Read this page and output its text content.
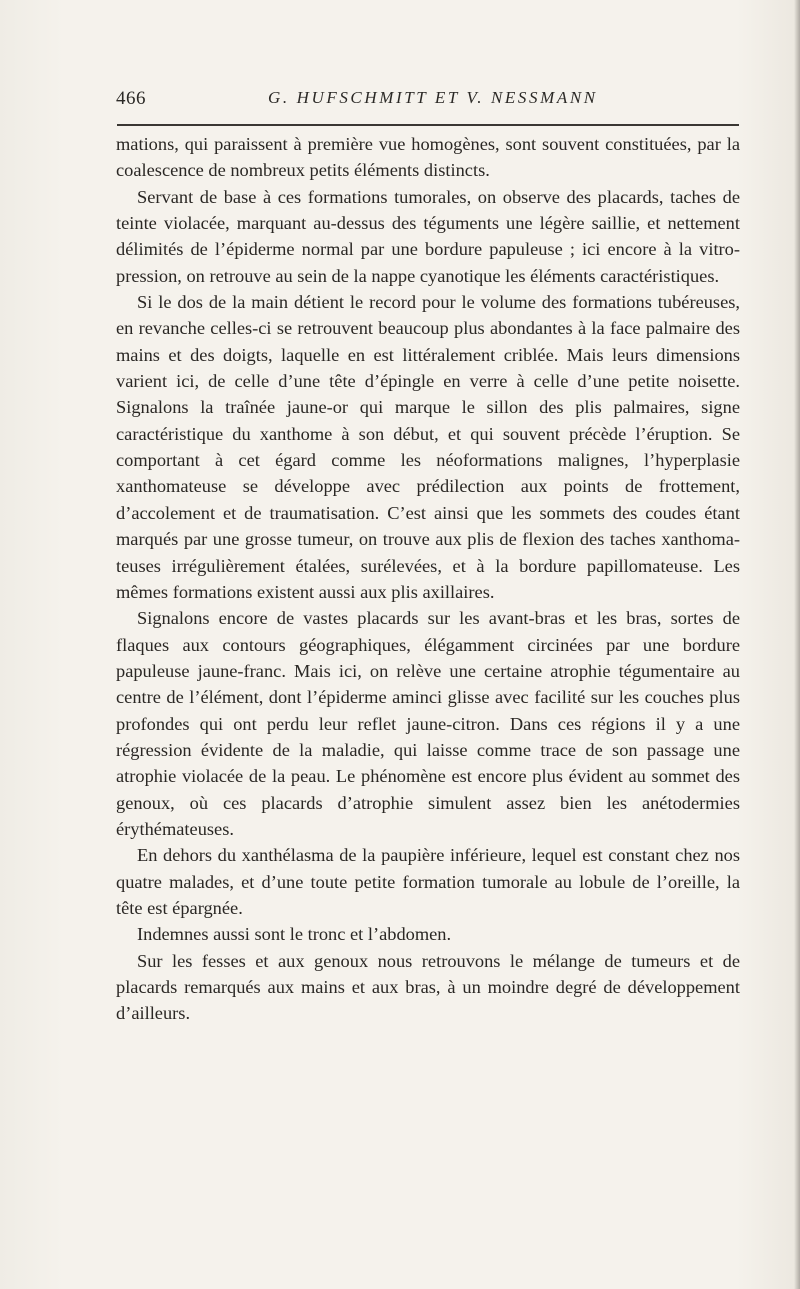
466	G. HUFSCHMITT ET V. NESSMANN

mations, qui paraissent à première vue homogènes, sont souvent constituées, par la coalescence de nombreux petits éléments distincts.

Servant de base à ces formations tumorales, on observe des placards, taches de teinte violacée, marquant au-dessus des téguments une légère saillie, et nettement délimités de l’épiderme normal par une bordure papuleuse ; ici encore à la vitro-pression, on retrouve au sein de la nappe cyanotique les éléments caractéristiques.

Si le dos de la main détient le record pour le volume des formations tubéreuses, en revanche celles-ci se retrouvent beaucoup plus abondantes à la face palmaire des mains et des doigts, laquelle en est littéralement criblée. Mais leurs dimensions varient ici, de celle d’une tête d’épingle en verre à celle d’une petite noisette. Signalons la traînée jaune-or qui marque le sillon des plis palmaires, signe caractéristique du xanthome à son début, et qui souvent précède l’éruption. Se comportant à cet égard comme les néoformations malignes, l’hyperplasie xanthomateuse se développe avec prédilection aux points de frottement, d’accolement et de traumatisation. C’est ainsi que les sommets des coudes étant marqués par une grosse tumeur, on trouve aux plis de flexion des taches xanthomateuses irrégulièrement étalées, surélevées, et à la bordure papillomateuse. Les mêmes formations existent aussi aux plis axillaires.

Signalons encore de vastes placards sur les avant-bras et les bras, sortes de flaques aux contours géographiques, élégamment circinées par une bordure papuleuse jaune-franc. Mais ici, on relève une certaine atrophie tégumentaire au centre de l’élément, dont l’épiderme aminci glisse avec facilité sur les couches plus profondes qui ont perdu leur reflet jaune-citron. Dans ces régions il y a une régression évidente de la maladie, qui laisse comme trace de son passage une atrophie violacée de la peau. Le phénomène est encore plus évident au sommet des genoux, où ces placards d’atrophie simulent assez bien les anétodermies érythémateuses.

En dehors du xanthélasma de la paupière inférieure, lequel est constant chez nos quatre malades, et d’une toute petite formation tumorale au lobule de l’oreille, la tête est épargnée.

Indemnes aussi sont le tronc et l’abdomen.

Sur les fesses et aux genoux nous retrouvons le mélange de tumeurs et de placards remarqués aux mains et aux bras, à un moindre degré de développement d’ailleurs.
